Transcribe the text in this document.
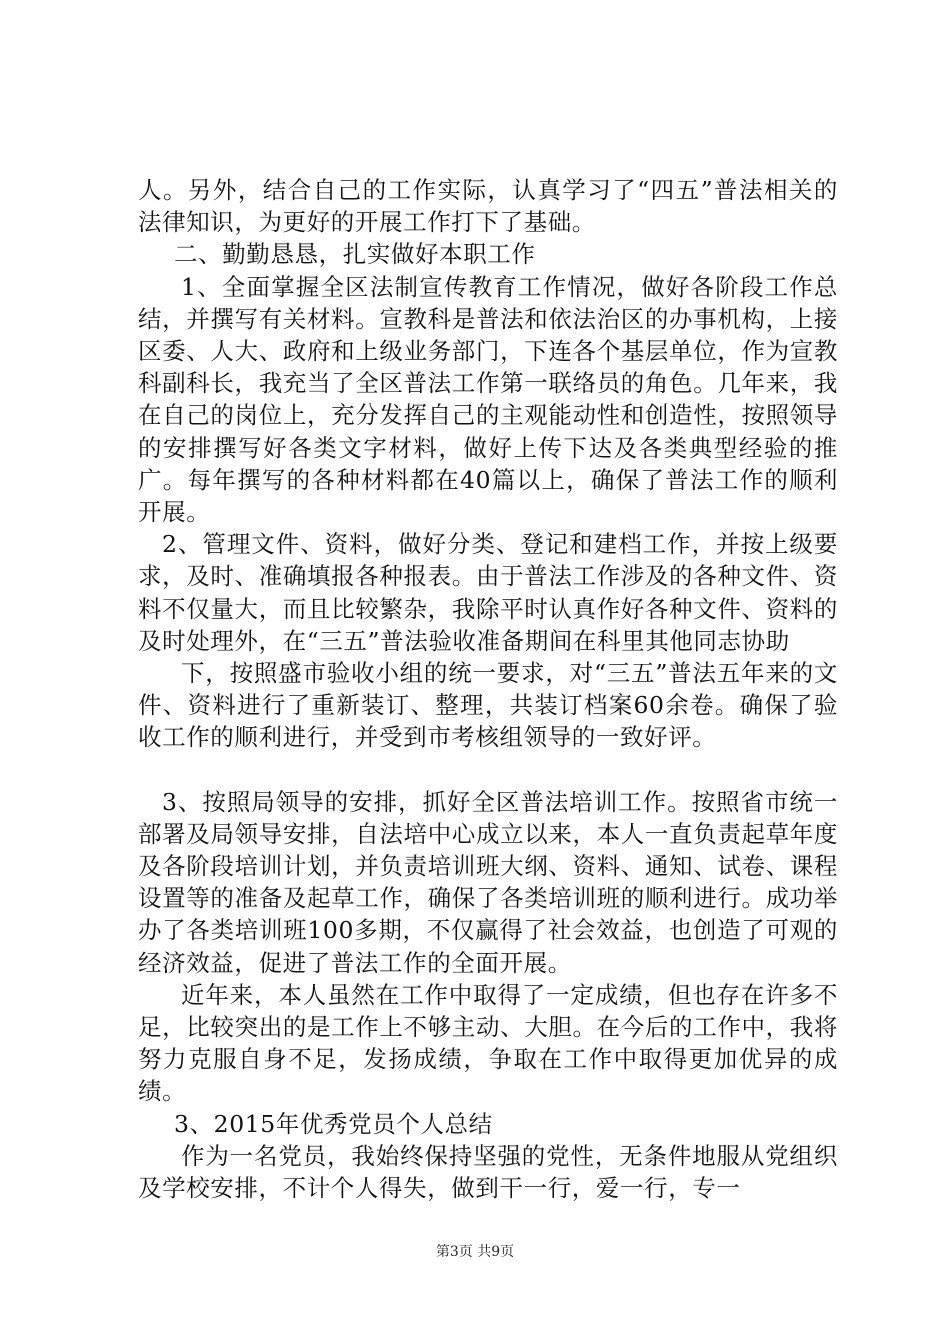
人。另外，结合自己的工作实际，认真学习了“四五”普法相关的法律知识，为更好的开展工作打下了基础。

二、勤勤恳恳，扎实做好本职工作

1、全面掌握全区法制宣传教育工作情况，做好各阶段工作总结，并撰写有关材料。宣教科是普法和依法治区的办事机构，上接区委、人大、政府和上级业务部门，下连各个基层单位，作为宣教科副科长，我充当了全区普法工作第一联络员的角色。几年来，我在自己的岗位上，充分发挥自己的主观能动性和创造性，按照领导的安排撰写好各类文字材料，做好上传下达及各类典型经验的推广。每年撰写的各种材料都在40篇以上，确保了普法工作的顺利开展。

2、管理文件、资料，做好分类、登记和建档工作，并按上级要求，及时、准确填报各种报表。由于普法工作涉及的各种文件、资料不仅量大，而且比较繁杂，我除平时认真作好各种文件、资料的及时处理外，在“三五”普法验收准备期间在科里其他同志协助

下，按照盛市验收小组的统一要求，对“三五”普法五年来的文件、资料进行了重新装订、整理，共装订档案60余卷。确保了验收工作的顺利进行，并受到市考核组领导的一致好评。

3、按照局领导的安排，抓好全区普法培训工作。按照省市统一部署及局领导安排，自法培中心成立以来，本人一直负责起草年度及各阶段培训计划，并负责培训班大纲、资料、通知、试卷、课程设置等的准备及起草工作，确保了各类培训班的顺利进行。成功举办了各类培训班100多期，不仅赢得了社会效益，也创造了可观的经济效益，促进了普法工作的全面开展。

近年来，本人虽然在工作中取得了一定成绩，但也存在许多不足，比较突出的是工作上不够主动、大胆。在今后的工作中，我将努力克服自身不足，发扬成绩，争取在工作中取得更加优异的成绩。

3、2015年优秀党员个人总结

作为一名党员，我始终保持坚强的党性，无条件地服从党组织及学校安排，不计个人得失，做到干一行，爱一行，专一

第3页 共9页
